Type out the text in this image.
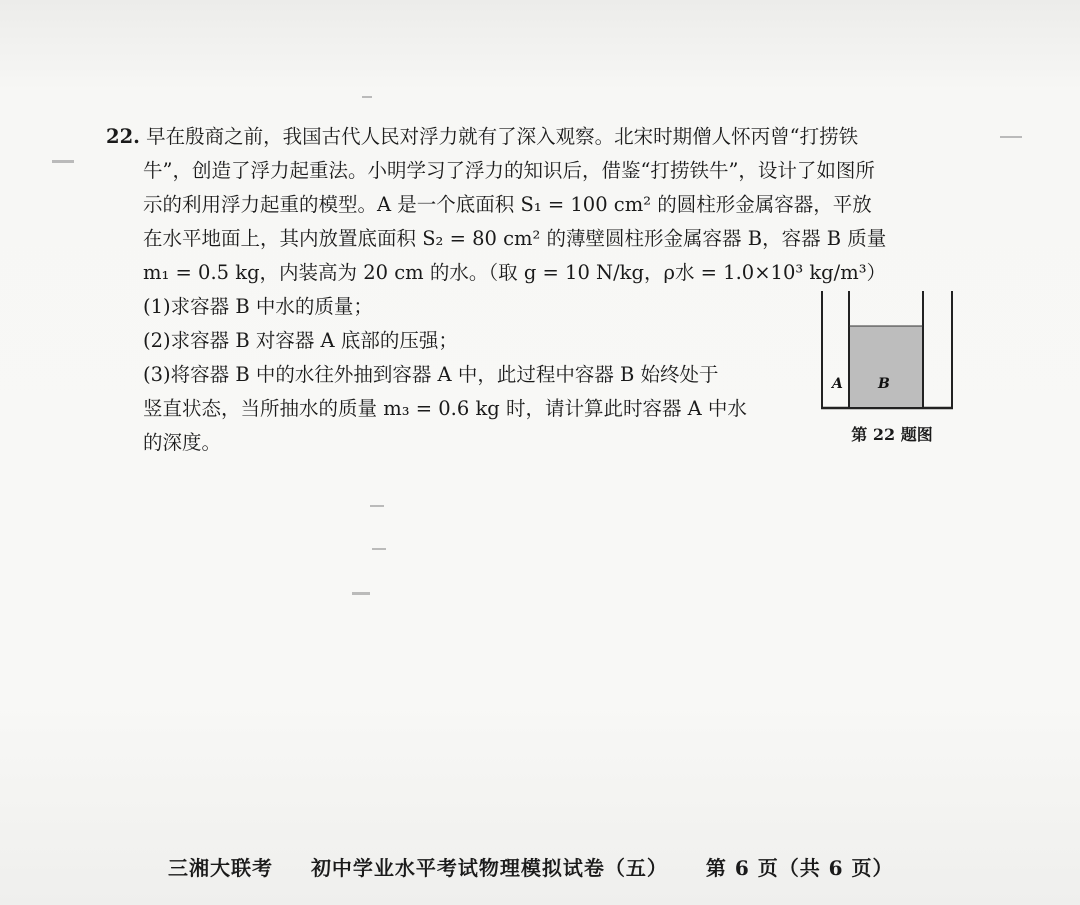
22. 早在殷商之前，我国古代人民对浮力就有了深入观察。北宋时期僧人怀丙曾“打捞铁
牛”，创造了浮力起重法。小明学习了浮力的知识后，借鉴“打捞铁牛”，设计了如图所
示的利用浮力起重的模型。A 是一个底面积 S₁ = 100 cm² 的圆柱形金属容器，平放
在水平地面上，其内放置底面积 S₂ = 80 cm² 的薄壁圆柱形金属容器 B，容器 B 质量
m₁ = 0.5 kg，内装高为 20 cm 的水。（取 g = 10 N/kg，ρ水 = 1.0×10³ kg/m³）
(1)求容器 B 中水的质量；
(2)求容器 B 对容器 A 底部的压强；
(3)将容器 B 中的水往外抽到容器 A 中，此过程中容器 B 始终处于
竖直状态，当所抽水的质量 m₃ = 0.6 kg 时，请计算此时容器 A 中水
的深度。
A	B
第 22 题图
三湘大联考 初中学业水平考试物理模拟试卷（五） 第 6 页（共 6 页）
